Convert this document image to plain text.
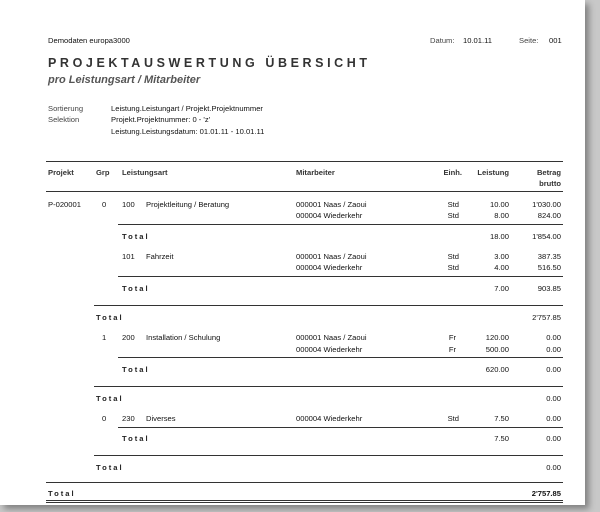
Demodaten europa3000	Datum: 10.01.11	Seite: 001
PROJEKTAUSWERTUNG ÜBERSICHT
pro Leistungsart / Mitarbeiter
Sortierung	Leistung.Leistungart / Projekt.Projektnummer
Selektion	Projekt.Projektnummer: 0 - 'z'
Leistung.Leistungsdatum: 01.01.11 - 10.01.11
Projekt	Grp Leistungsart	Mitarbeiter	Einh.	Leistung	Betrag
brutto
P-020001	0 100 Projektleitung / Beratung	000001 Naas / Zaoui	Std	10.00	1'030.00
000004 Wiederkehr	Std	8.00	824.00
Total	18.00	1'854.00
101 Fahrzeit	000001 Naas / Zaoui	Std	3.00	387.35
000004 Wiederkehr	Std	4.00	516.50
Total	7.00	903.85
Total	2'757.85
1 200 Installation / Schulung	000001 Naas / Zaoui	Fr	120.00	0.00
000004 Wiederkehr	Fr	500.00	0.00
Total	620.00	0.00
Total	0.00
0 230 Diverses	000004 Wiederkehr	Std	7.50	0.00
Total	7.50	0.00
Total	0.00
Total	2'757.85
